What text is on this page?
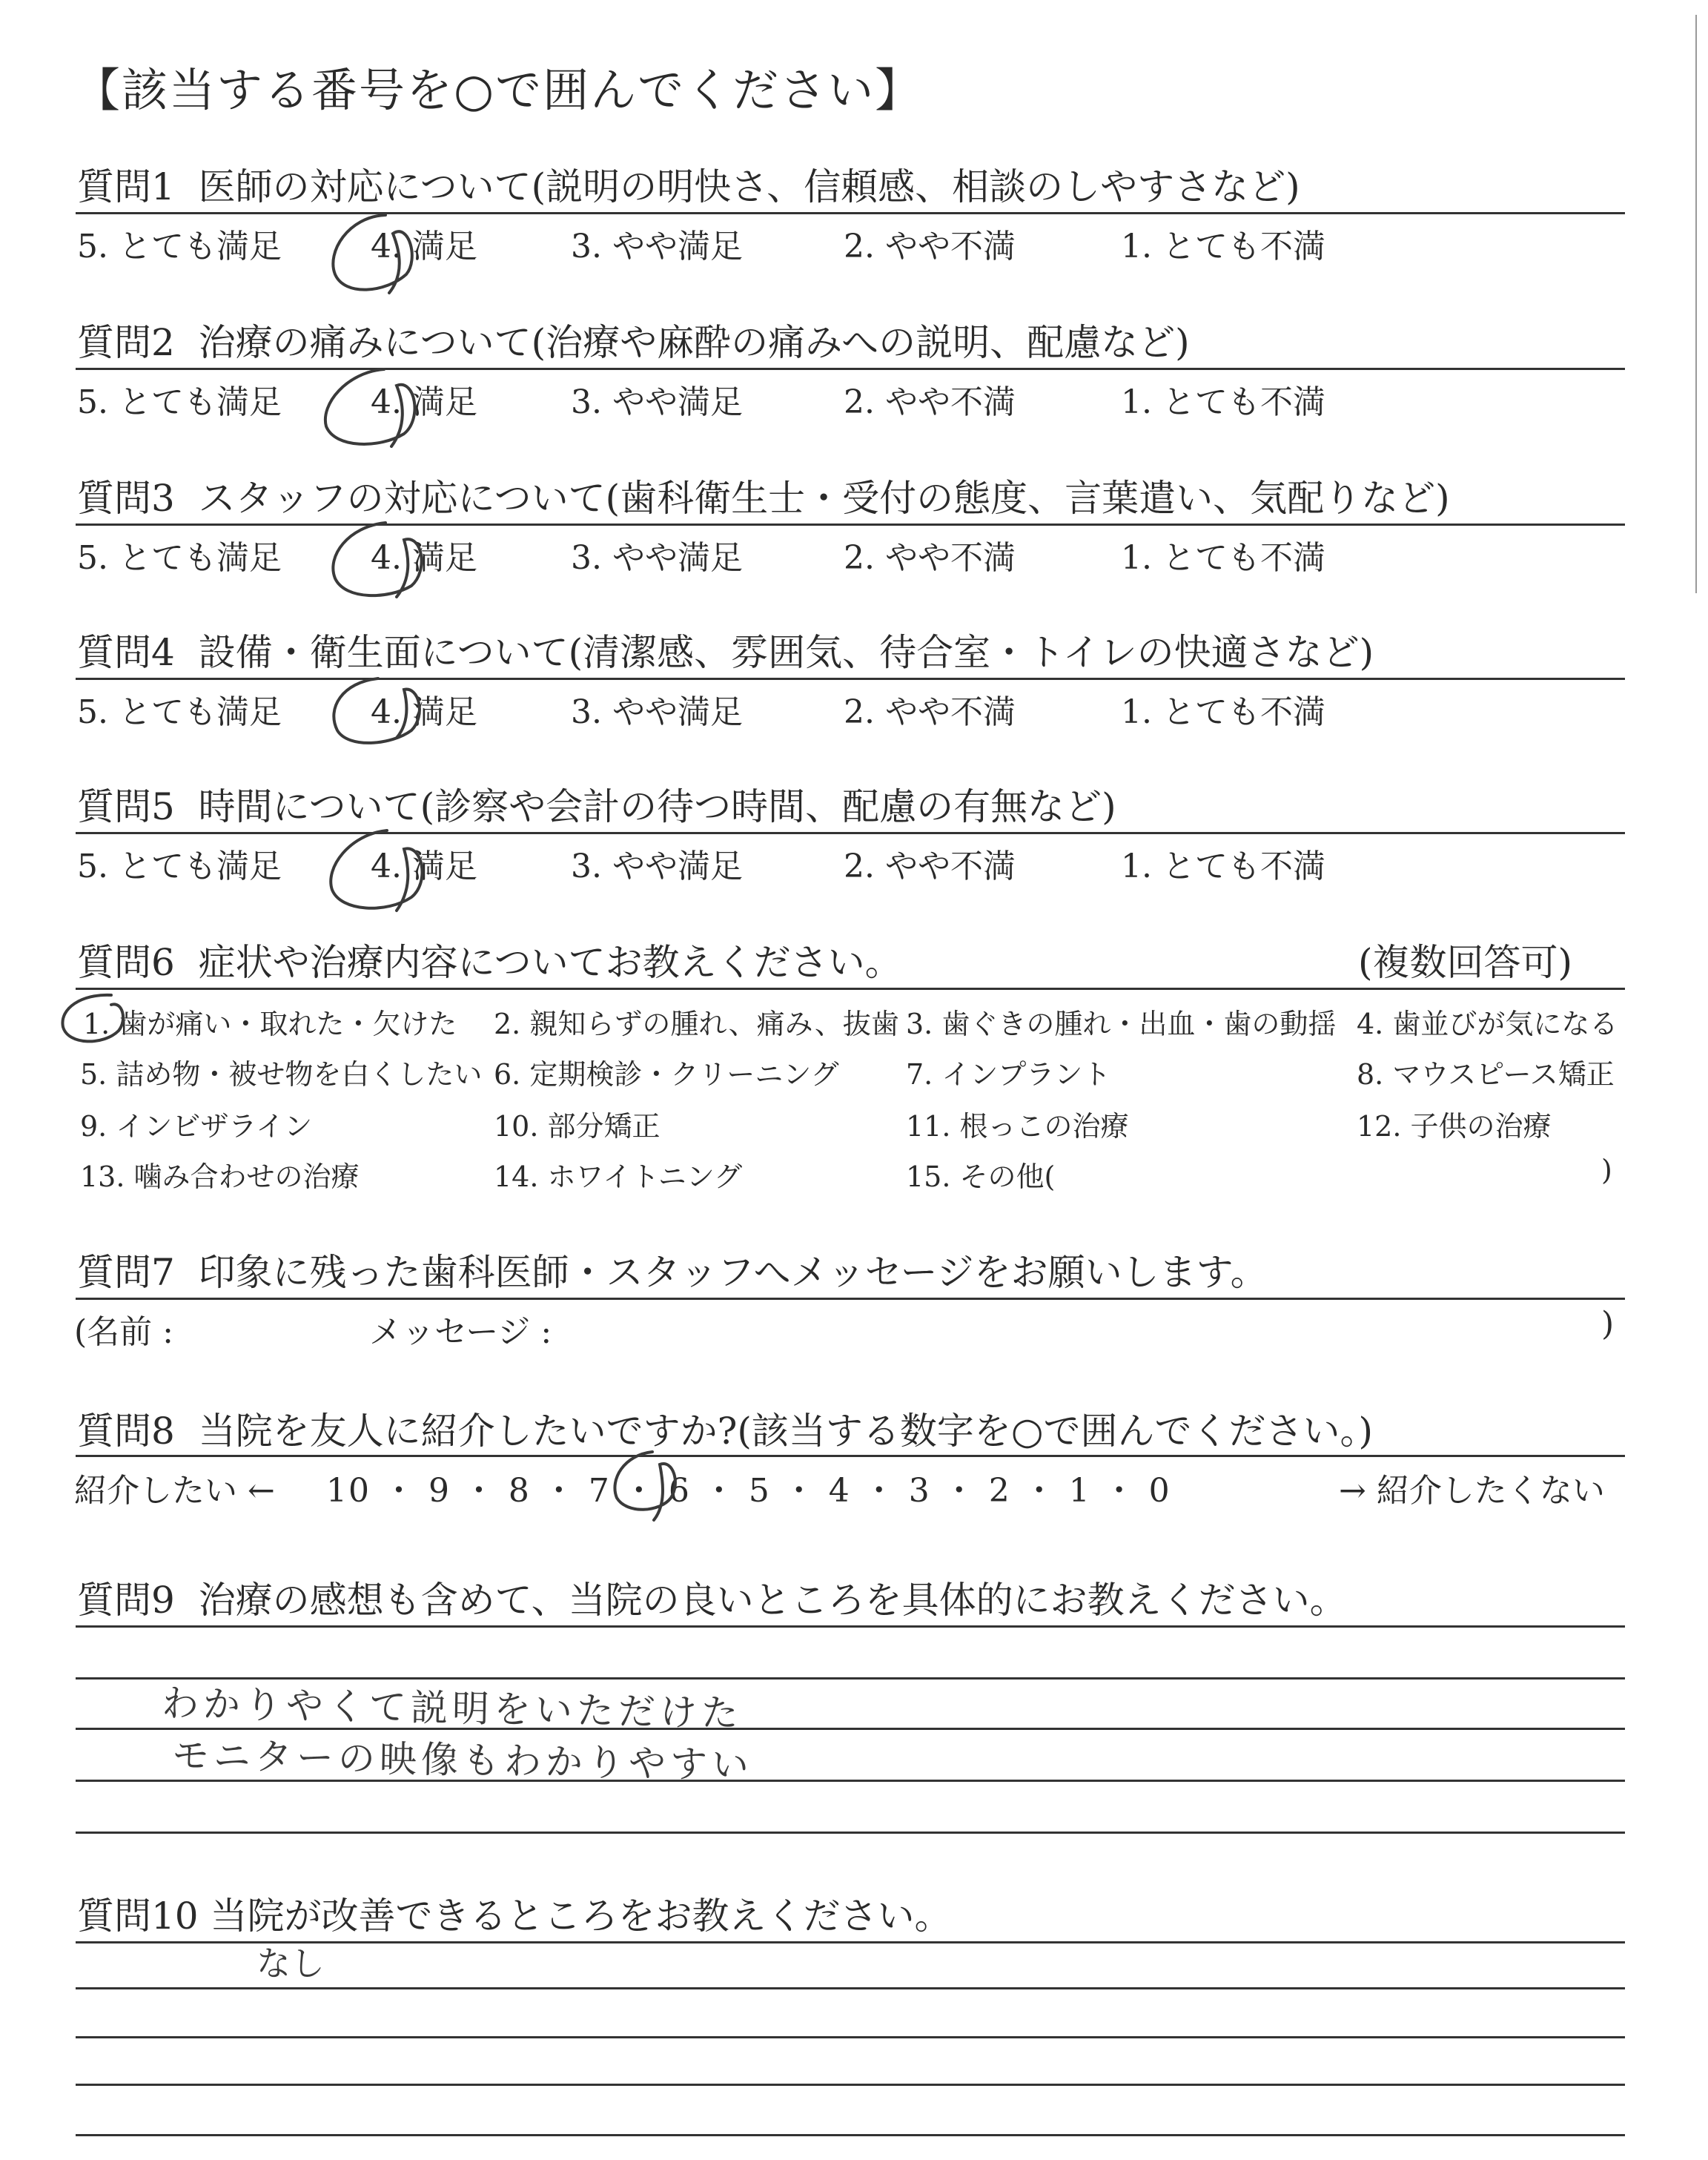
【該当する番号を○で囲んでください】
質問1 医師の対応について(説明の明快さ、信頼感、相談のしやすさなど)
5. とても満足	4. 満足	3. やや満足	2. やや不満	1. とても不満
質問2 治療の痛みについて(治療や麻酔の痛みへの説明、配慮など)
5. とても満足	4. 満足	3. やや満足	2. やや不満	1. とても不満
質問3 スタッフの対応について(歯科衛生士・受付の態度、言葉遣い、気配りなど)
5. とても満足	4. 満足	3. やや満足	2. やや不満	1. とても不満
質問4 設備・衛生面について(清潔感、雰囲気、待合室・トイレの快適さなど)
5. とても満足	4. 満足	3. やや満足	2. やや不満	1. とても不満
質問5 時間について(診察や会計の待つ時間、配慮の有無など)
5. とても満足	4. 満足	3. やや満足	2. やや不満	1. とても不満
質問6 症状や治療内容についてお教えください。	(複数回答可)
1. 歯が痛い・取れた・欠けた 2. 親知らずの腫れ、痛み、抜歯 3. 歯ぐきの腫れ・出血・歯の動揺 4. 歯並びが気になる
5. 詰め物・被せ物を白くしたい 6. 定期検診・クリーニング 7. インプラント	8. マウスピース矯正
9. インビザライン	10. 部分矯正	11. 根っこの治療	12. 子供の治療
13. 噛み合わせの治療	14. ホワイトニング	15. その他(	)
質問7 印象に残った歯科医師・スタッフへメッセージをお願いします。
(名前 :	メッセージ :	)
質問8 当院を友人に紹介したいですか?(該当する数字を○で囲んでください。)
紹介したい ← 10 ・ 9 ・ 8 ・ 7 ・ 6 ・ 5 ・ 4 ・ 3 ・ 2 ・ 1 ・ 0	→ 紹介したくない
質問9 治療の感想も含めて、当院の良いところを具体的にお教えください。
わかりやくて説明をいただけた
モニターの映像もわかりやすい
質問10 当院が改善できるところをお教えください。
なし
